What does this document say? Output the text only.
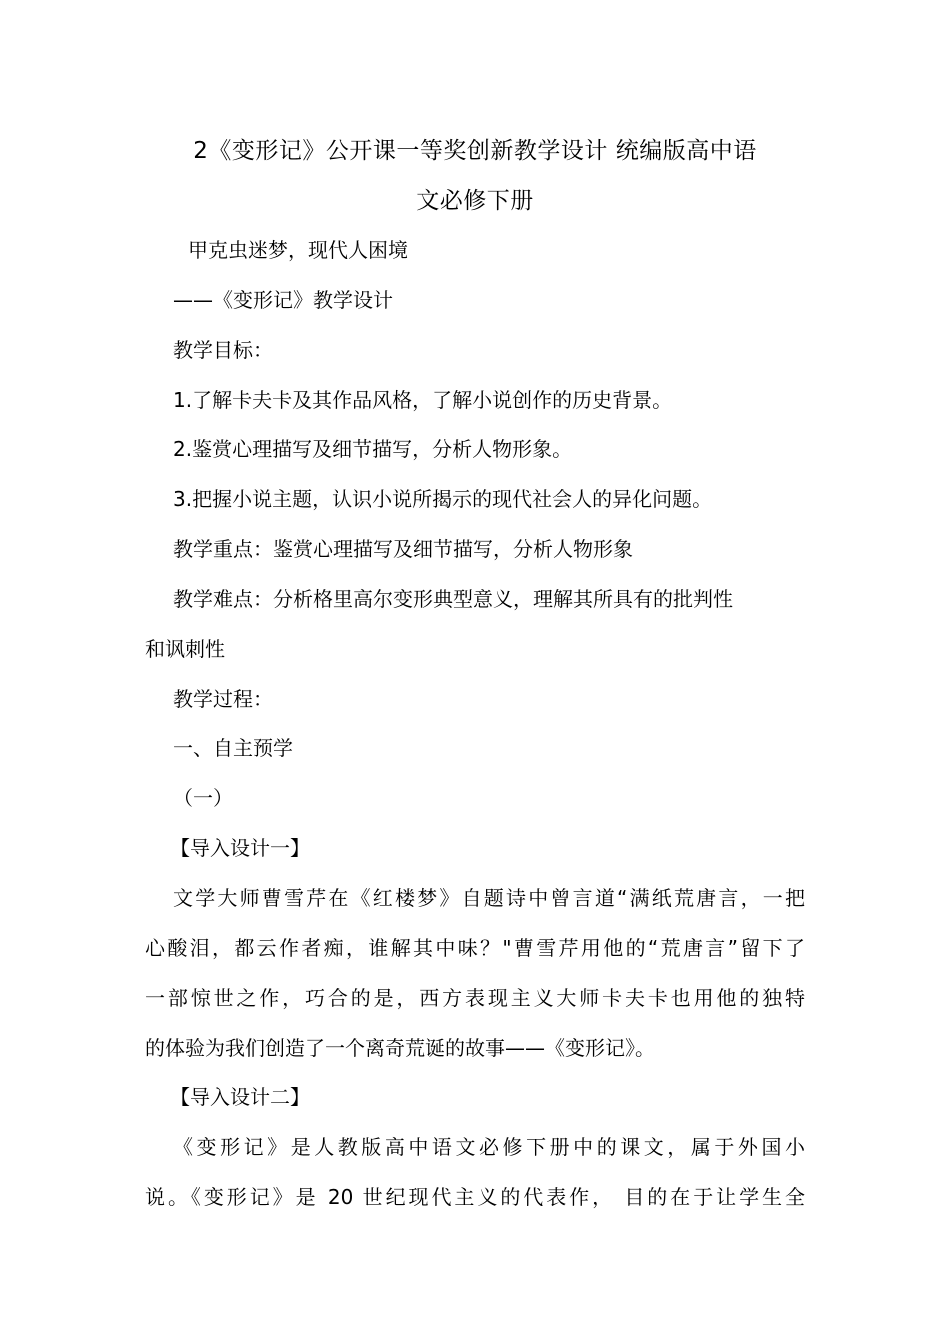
2《变形记》公开课一等奖创新教学设计 统编版高中语
文必修下册
甲克虫迷梦，现代人困境
——《变形记》教学设计
教学目标：
1.了解卡夫卡及其作品风格，了解小说创作的历史背景。
2.鉴赏心理描写及细节描写，分析人物形象。
3.把握小说主题，认识小说所揭示的现代社会人的异化问题。
教学重点：鉴赏心理描写及细节描写，分析人物形象
教学难点：分析格里高尔变形典型意义，理解其所具有的批判性
和讽刺性
教学过程：
一、自主预学
（一）
【导入设计一】
文学大师曹雪芹在《红楼梦》自题诗中曾言道“满纸荒唐言，一把
心酸泪，都云作者痴，谁解其中味？"曹雪芹用他的“荒唐言”留下了
一部惊世之作，巧合的是，西方表现主义大师卡夫卡也用他的独特
的体验为我们创造了一个离奇荒诞的故事——《变形记》。
【导入设计二】
《变形记》是人教版高中语文必修下册中的课文，属于外国小
说。《变形记》是 20 世纪现代主义的代表作， 目的在于让学生全
